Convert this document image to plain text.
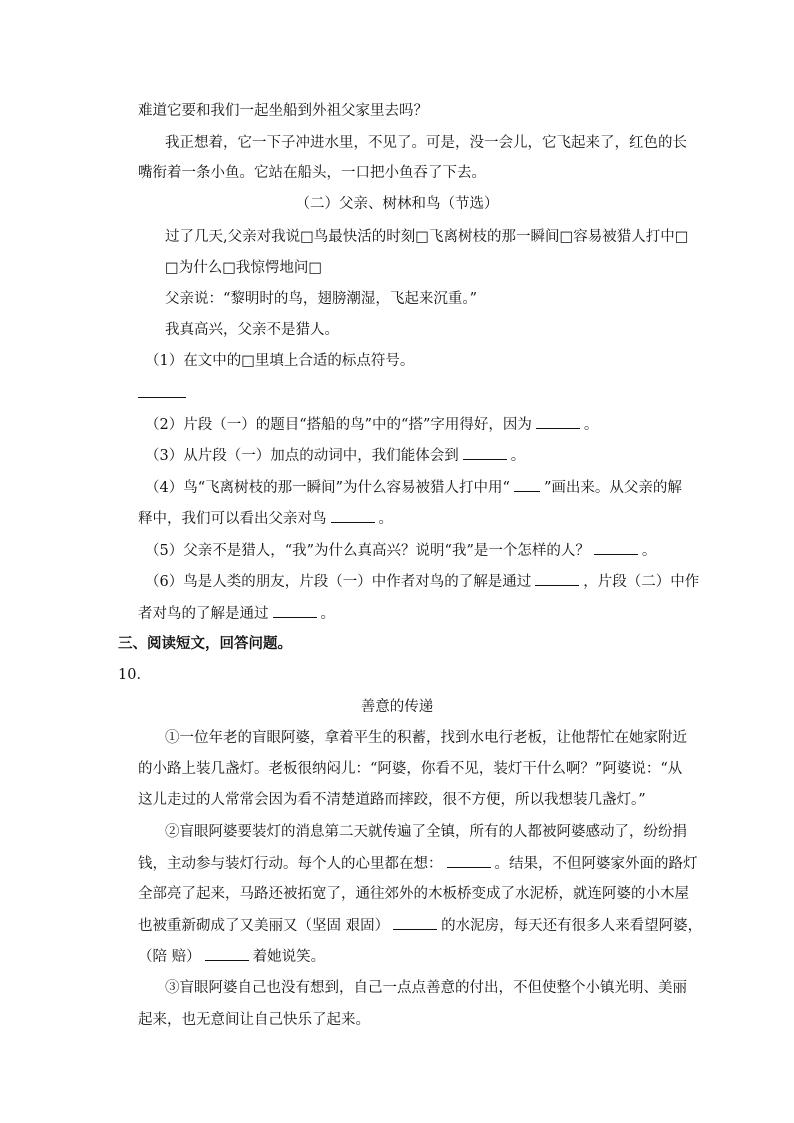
难道它要和我们一起坐船到外祖父家里去吗？
我正想着，它一下子冲进水里，不见了。可是，没一会儿，它飞起来了，红色的长
嘴衔着一条小鱼。它站在船头，一口把小鱼吞了下去。
（二）父亲、树林和鸟（节选）
过了几天,父亲对我说□鸟最快活的时刻□飞离树枝的那一瞬间□容易被猎人打中□
□为什么□我惊愕地问□
父亲说：“黎明时的鸟，翅膀潮湿，飞起来沉重。”
我真高兴，父亲不是猎人。
（1）在文中的□里填上合适的标点符号。
（2）片段（一）的题目“搭船的鸟”中的“搭”字用得好，因为	。
（3）从片段（一）加点的动词中，我们能体会到	。
（4）鸟“飞离树枝的那一瞬间”为什么容易被猎人打中用“ ”画出来。从父亲的解
释中，我们可以看出父亲对鸟	。
（5）父亲不是猎人，“我”为什么真高兴？说明“我”是一个怎样的人？	。
（6）鸟是人类的朋友，片段（一）中作者对鸟的了解是通过	，片段（二）中作
者对鸟的了解是通过	。
三、阅读短文，回答问题。
10．
善意的传递
①一位年老的盲眼阿婆，拿着平生的积蓄，找到水电行老板，让他帮忙在她家附近
的小路上装几盏灯。老板很纳闷儿：“阿婆，你看不见，装灯干什么啊？”阿婆说：“从
这儿走过的人常常会因为看不清楚道路而摔跤，很不方便，所以我想装几盏灯。”
②盲眼阿婆要装灯的消息第二天就传遍了全镇，所有的人都被阿婆感动了，纷纷捐
钱，主动参与装灯行动。每个人的心里都在想：	。结果，不但阿婆家外面的路灯
全部亮了起来，马路还被拓宽了，通往郊外的木板桥变成了水泥桥，就连阿婆的小木屋
也被重新砌成了又美丽又（坚固 艰固）	的水泥房，每天还有很多人来看望阿婆，
（陪 赔）	着她说笑。
③盲眼阿婆自己也没有想到，自己一点点善意的付出，不但使整个小镇光明、美丽
起来，也无意间让自己快乐了起来。
